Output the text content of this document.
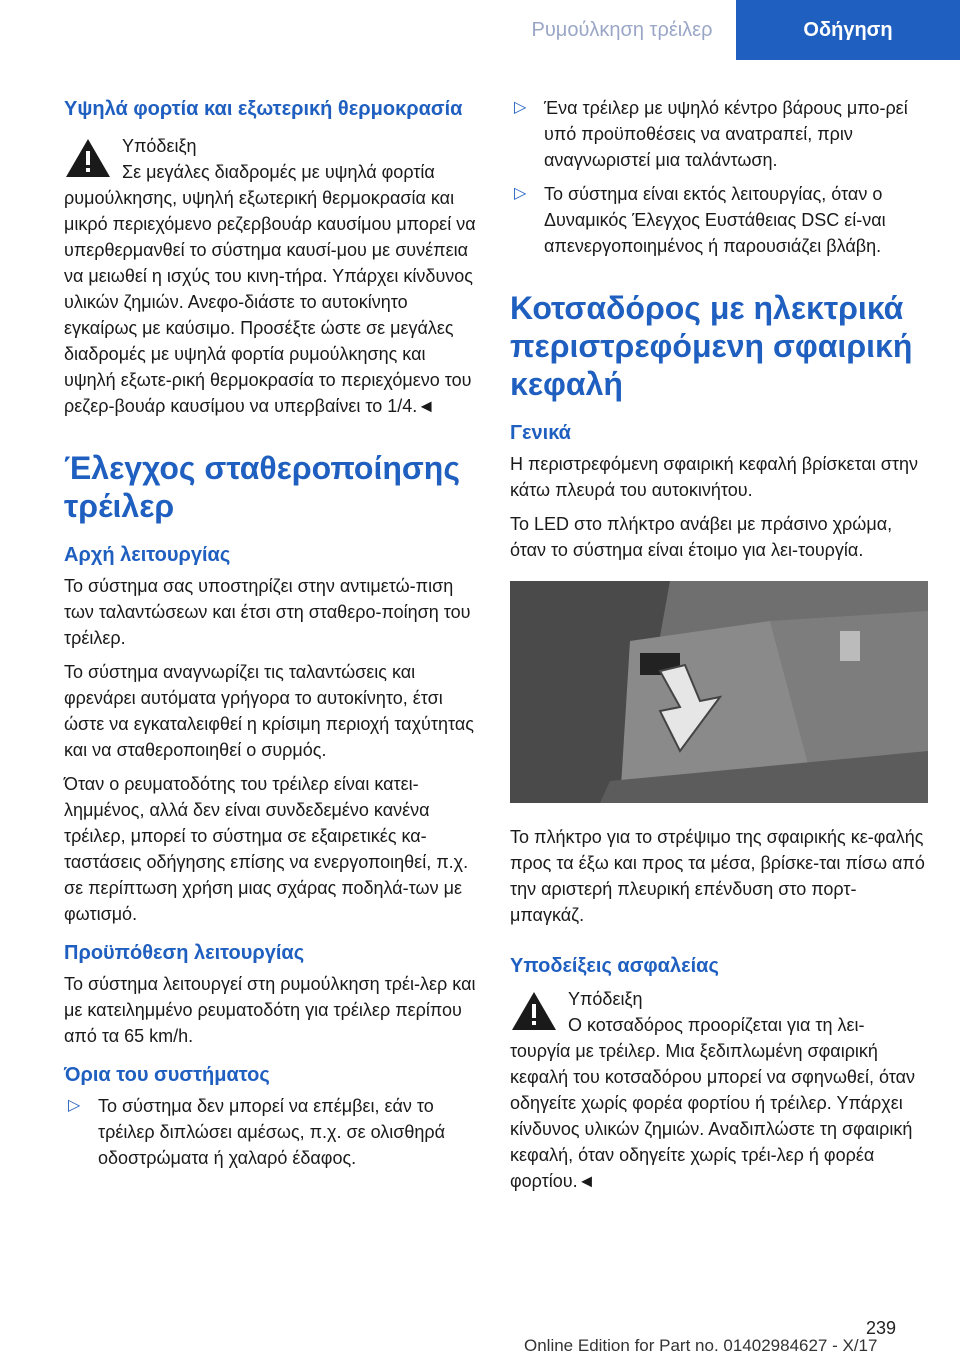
Ρυμούλκηση τρέιλερ	Οδήγηση
Υψηλά φορτία και εξωτερική θερμοκρασία
Υπόδειξη
Σε μεγάλες διαδρομές με υψηλά φορτία

ρυμούλκησης, υψηλή εξωτερική θερμοκρασία και μικρό περιεχόμενο ρεζερβουάρ καυσίμου μπορεί να υπερθερμανθεί το σύστημα καυσί-μου με συνέπεια να μειωθεί η ισχύς του κινη-τήρα. Υπάρχει κίνδυνος υλικών ζημιών. Ανεφο-διάστε το αυτοκίνητο εγκαίρως με καύσιμο. Προσέξτε ώστε σε μεγάλες διαδρομές με υψηλά φορτία ρυμούλκησης και υψηλή εξωτε-ρική θερμοκρασία το περιεχόμενο του ρεζερ-βουάρ καυσίμου να υπερβαίνει το 1/4.◄

Έλεγχος σταθεροποίησης τρέιλερ
Αρχή λειτουργίας

Το σύστημα σας υποστηρίζει στην αντιμετώ-πιση των ταλαντώσεων και έτσι στη σταθερο-ποίηση του τρέιλερ.

Το σύστημα αναγνωρίζει τις ταλαντώσεις και φρενάρει αυτόματα γρήγορα το αυτοκίνητο, έτσι ώστε να εγκαταλειφθεί η κρίσιμη περιοχή ταχύτητας και να σταθεροποιηθεί ο συρμός.

Όταν ο ρευματοδότης του τρέιλερ είναι κατει-λημμένος, αλλά δεν είναι συνδεδεμένο κανένα τρέιλερ, μπορεί το σύστημα σε εξαιρετικές κα-ταστάσεις οδήγησης επίσης να ενεργοποιηθεί, π.χ. σε περίπτωση χρήση μιας σχάρας ποδηλά-των με φωτισμό.

Προϋπόθεση λειτουργίας

Το σύστημα λειτουργεί στη ρυμούλκηση τρέι-λερ και με κατειλημμένο ρευματοδότη για τρέιλερ περίπου από τα 65 km/h.

Όρια του συστήματος
▷ Το σύστημα δεν μπορεί να επέμβει, εάν το τρέιλερ διπλώσει αμέσως, π.χ. σε ολισθηρά οδοστρώματα ή χαλαρό έδαφος.
▷ Ένα τρέιλερ με υψηλό κέντρο βάρους μπο-ρεί υπό προϋποθέσεις να ανατραπεί, πριν αναγνωριστεί μια ταλάντωση.
▷ Το σύστημα είναι εκτός λειτουργίας, όταν ο Δυναμικός Έλεγχος Ευστάθειας DSC εί-ναι απενεργοποιημένος ή παρουσιάζει βλάβη.
Κοτσαδόρος με ηλεκτρικά περιστρεφόμενη σφαιρική κεφαλή
Γενικά

Η περιστρεφόμενη σφαιρική κεφαλή βρίσκεται στην κάτω πλευρά του αυτοκινήτου.

Το LED στο πλήκτρο ανάβει με πράσινο χρώμα, όταν το σύστημα είναι έτοιμο για λει-τουργία.

Το πλήκτρο για το στρέψιμο της σφαιρικής κε-φαλής προς τα έξω και προς τα μέσα, βρίσκε-ται πίσω από την αριστερή πλευρική επένδυση στο πορτ-μπαγκάζ.

Υποδείξεις ασφαλείας
Υπόδειξη
Ο κοτσαδόρος προορίζεται για τη λει-

τουργία με τρέιλερ. Μια ξεδιπλωμένη σφαιρική κεφαλή του κοτσαδόρου μπορεί να σφηνωθεί, όταν οδηγείτε χωρίς φορέα φορτίου ή τρέιλερ. Υπάρχει κίνδυνος υλικών ζημιών. Αναδιπλώστε τη σφαιρική κεφαλή, όταν οδηγείτε χωρίς τρέι-λερ ή φορέα φορτίου.◄

239
Online Edition for Part no. 01402984627 - X/17
